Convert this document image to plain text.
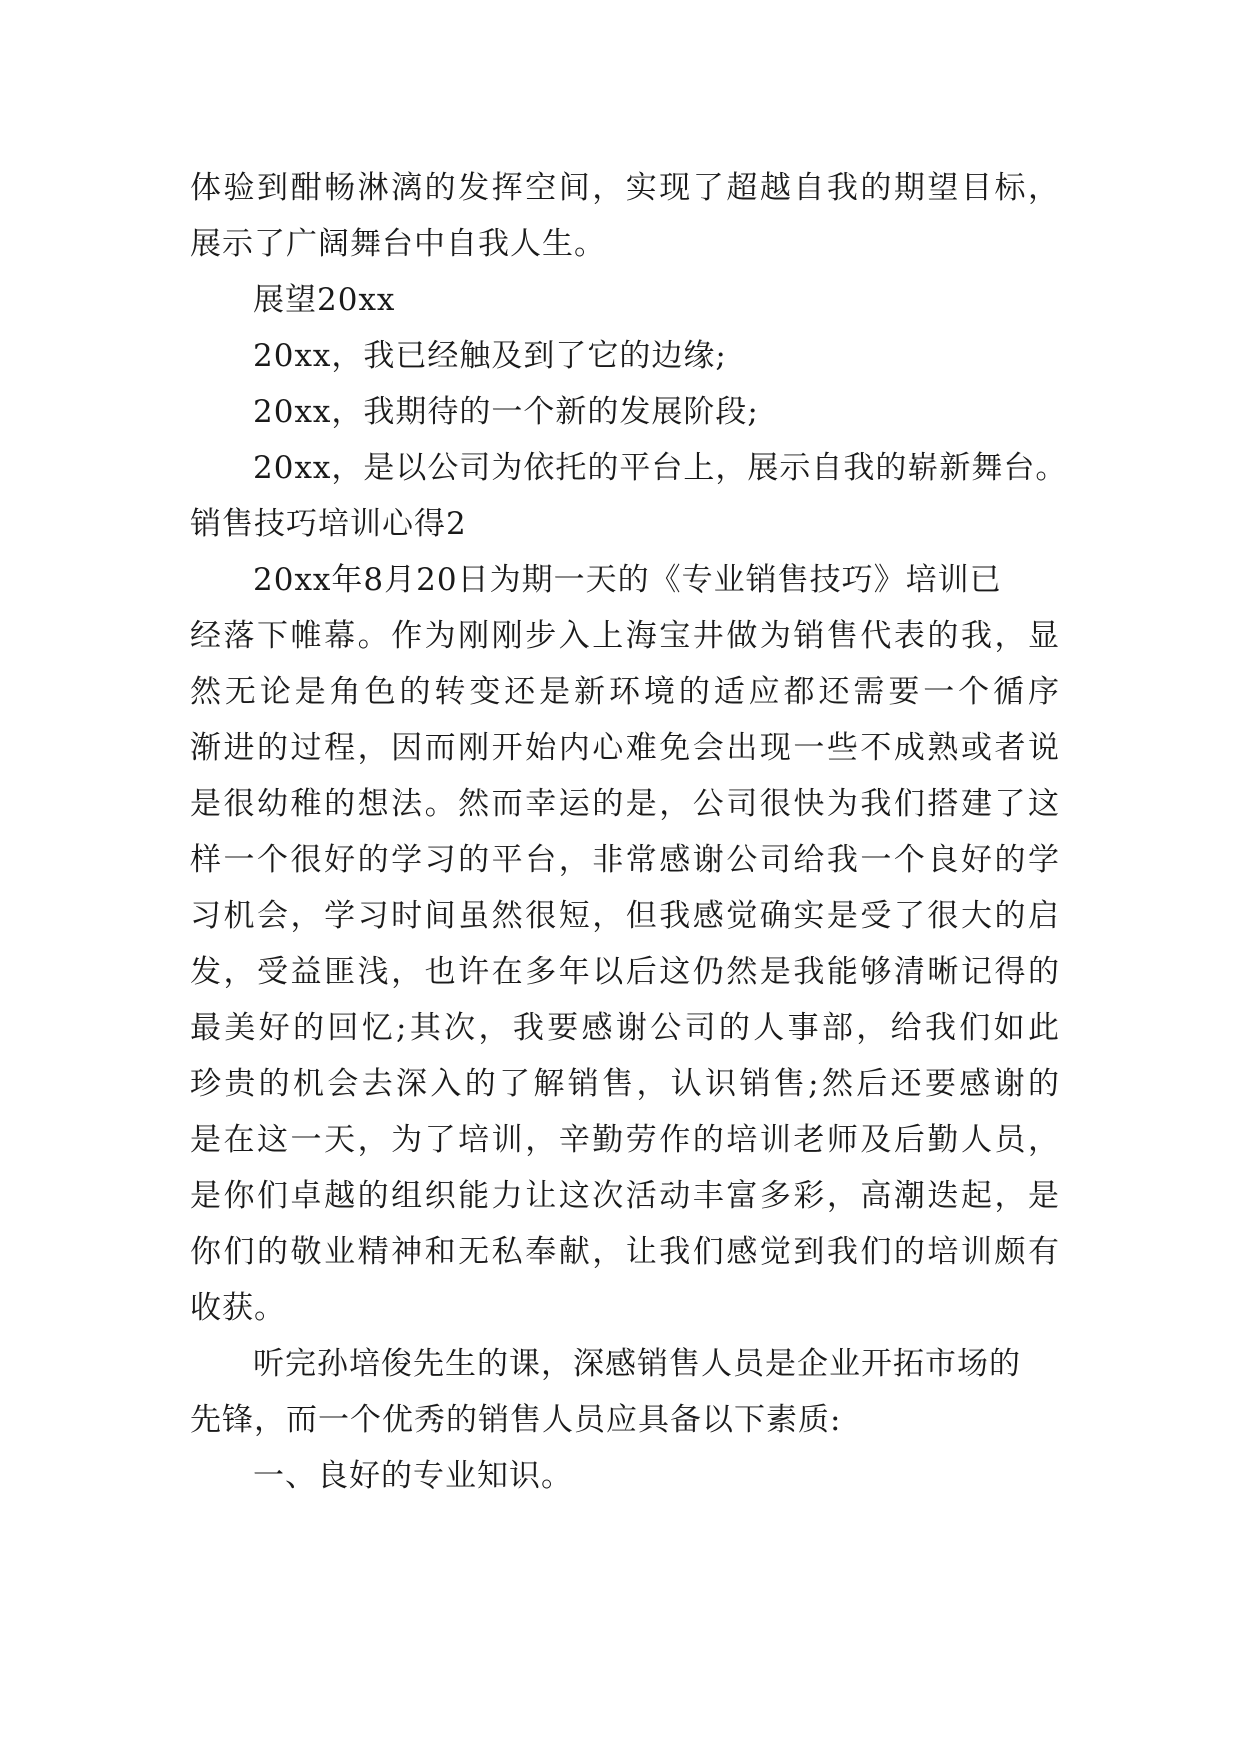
体验到酣畅淋漓的发挥空间，实现了超越自我的期望目标，
展示了广阔舞台中自我人生。
展望20xx
20xx，我已经触及到了它的边缘;
20xx，我期待的一个新的发展阶段;
20xx，是以公司为依托的平台上，展示自我的崭新舞台。
销售技巧培训心得2
20xx年8月20日为期一天的《专业销售技巧》培训已
经落下帷幕。作为刚刚步入上海宝井做为销售代表的我，显
然无论是角色的转变还是新环境的适应都还需要一个循序
渐进的过程，因而刚开始内心难免会出现一些不成熟或者说
是很幼稚的想法。然而幸运的是，公司很快为我们搭建了这
样一个很好的学习的平台，非常感谢公司给我一个良好的学
习机会，学习时间虽然很短，但我感觉确实是受了很大的启
发，受益匪浅，也许在多年以后这仍然是我能够清晰记得的
最美好的回忆;其次，我要感谢公司的人事部，给我们如此
珍贵的机会去深入的了解销售，认识销售;然后还要感谢的
是在这一天，为了培训，辛勤劳作的培训老师及后勤人员，
是你们卓越的组织能力让这次活动丰富多彩，高潮迭起，是
你们的敬业精神和无私奉献，让我们感觉到我们的培训颇有
收获。
听完孙培俊先生的课，深感销售人员是企业开拓市场的
先锋，而一个优秀的销售人员应具备以下素质:
一、良好的专业知识。
